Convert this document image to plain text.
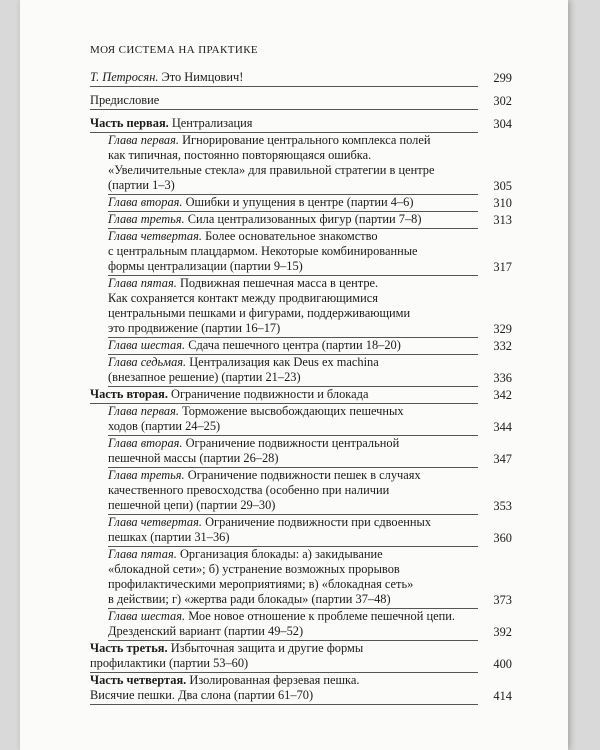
МОЯ СИСТЕМА НА ПРАКТИКЕ
Т. Петросян. Это Нимцович!	299
Предисловие	302
Часть первая. Централизация	304
Глава первая. Игнорирование центрального комплекса полей
как типичная, постоянно повторяющаяся ошибка.
«Увеличительные стекла» для правильной стратегии в центре
(партии 1–3)	305
Глава вторая. Ошибки и упущения в центре (партии 4–6)	310
Глава третья. Сила централизованных фигур (партии 7–8)	313
Глава четвертая. Более основательное знакомство
с центральным плацдармом. Некоторые комбинированные
формы централизации (партии 9–15)	317
Глава пятая. Подвижная пешечная масса в центре.
Как сохраняется контакт между продвигающимися
центральными пешками и фигурами, поддерживающими
это продвижение (партии 16–17)	329
Глава шестая. Сдача пешечного центра (партии 18–20)	332
Глава седьмая. Централизация как Deus ex machina
(внезапное решение) (партии 21–23)	336
Часть вторая. Ограничение подвижности и блокада	342
Глава первая. Торможение высвобождающих пешечных
ходов (партии 24–25)	344
Глава вторая. Ограничение подвижности центральной
пешечной массы (партии 26–28)	347
Глава третья. Ограничение подвижности пешек в случаях
качественного превосходства (особенно при наличии
пешечной цепи) (партии 29–30)	353
Глава четвертая. Ограничение подвижности при сдвоенных
пешках (партии 31–36)	360
Глава пятая. Организация блокады: а) закидывание
«блокадной сети»; б) устранение возможных прорывов
профилактическими мероприятиями; в) «блокадная сеть»
в действии; г) «жертва ради блокады» (партии 37–48)	373
Глава шестая. Мое новое отношение к проблеме пешечной цепи.
Дрезденский вариант (партии 49–52)	392
Часть третья. Избыточная защита и другие формы
профилактики (партии 53–60)	400
Часть четвертая. Изолированная ферзевая пешка.
Висячие пешки. Два слона (партии 61–70)	414
